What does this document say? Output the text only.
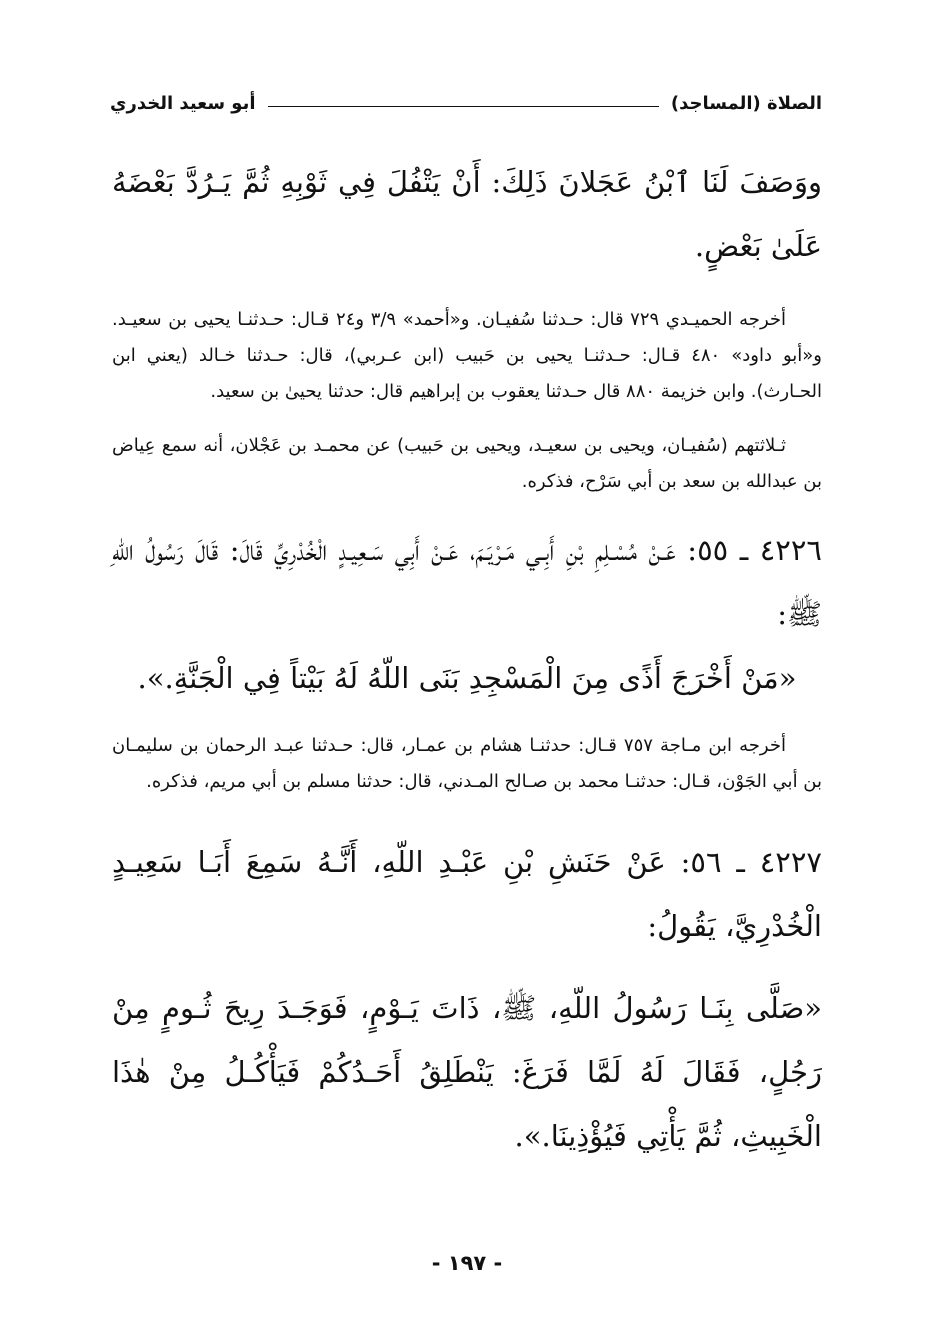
الصلاة (المساجد)
أبو سعيد الخدري

ووَصَفَ لَنَا ٱبْنُ عَجَلانَ ذَلِكَ: أَنْ يَتْفُلَ فِي ثَوْبِهِ ثُمَّ يَـرُدَّ بَعْضَهُ عَلَىٰ بَعْضٍ.

أخرجه الحميـدي ٧٢٩ قال: حـدثنا سُفيـان. و«أحمد» ٣/٩ و٢٤ قـال: حـدثنـا يحيى بن سعيـد. و«أبو داود» ٤٨٠ قـال: حـدثنـا يحيى بن حَبيب (ابن عـربي)، قال: حـدثنا خـالد (يعني ابن الحـارث). وابن خزيمة ٨٨٠ قال حـدثنا يعقوب بن إبراهيم قال: حدثنا يحيىٰ بن سعيد.

ثـلاثتهم (سُفيـان، ويحيى بن سعيـد، ويحيى بن حَبيب) عن محمـد بن عَجْلان، أنه سمع عِياض بن عبدالله بن سعد بن أبي سَرْح، فذكره.

٤٢٢٦ ـ ٥٥: عَـنْ مُسْـلِمِ بْنِ أَبِـي مَـرْيَـمَ، عَـنْ أَبِي سَـعِيـدٍ الْخُدْرِيِّ قَالَ: قَالَ رَسُولُ اللّهِ ﷺ:

«مَنْ أَخْرَجَ أَذًى مِنَ الْمَسْجِدِ بَنَى اللّهُ لَهُ بَيْتاً فِي الْجَنَّةِ.».

أخرجه ابن مـاجة ٧٥٧ قـال: حدثنـا هشام بن عمـار، قال: حـدثنا عبـد الرحمان بن سليمـان بن أبي الجَوْن، قـال: حدثنـا محمد بن صـالح المـدني، قال: حدثنا مسلم بن أبي مريم، فذكره.

٤٢٢٧ ـ ٥٦: عَنْ حَنَشِ بْنِ عَبْـدِ اللّهِ، أَنَّـهُ سَمِعَ أَبَـا سَعِيـدٍ الْخُدْرِيَّ، يَقُولُ:

«صَلَّى بِنَـا رَسُولُ اللّهِ، ﷺ، ذَاتَ يَـوْمٍ، فَوَجَـدَ رِيحَ ثُـومٍ مِنْ رَجُلٍ، فَقَالَ لَهُ لَمَّا فَرَغَ: يَنْطَلِقُ أَحَـدُكُمْ فَيَأْكُـلُ مِنْ هٰذَا الْخَبِيثِ، ثُمَّ يَأْتِي فَيُؤْذِينَا.».

- ١٩٧ -
